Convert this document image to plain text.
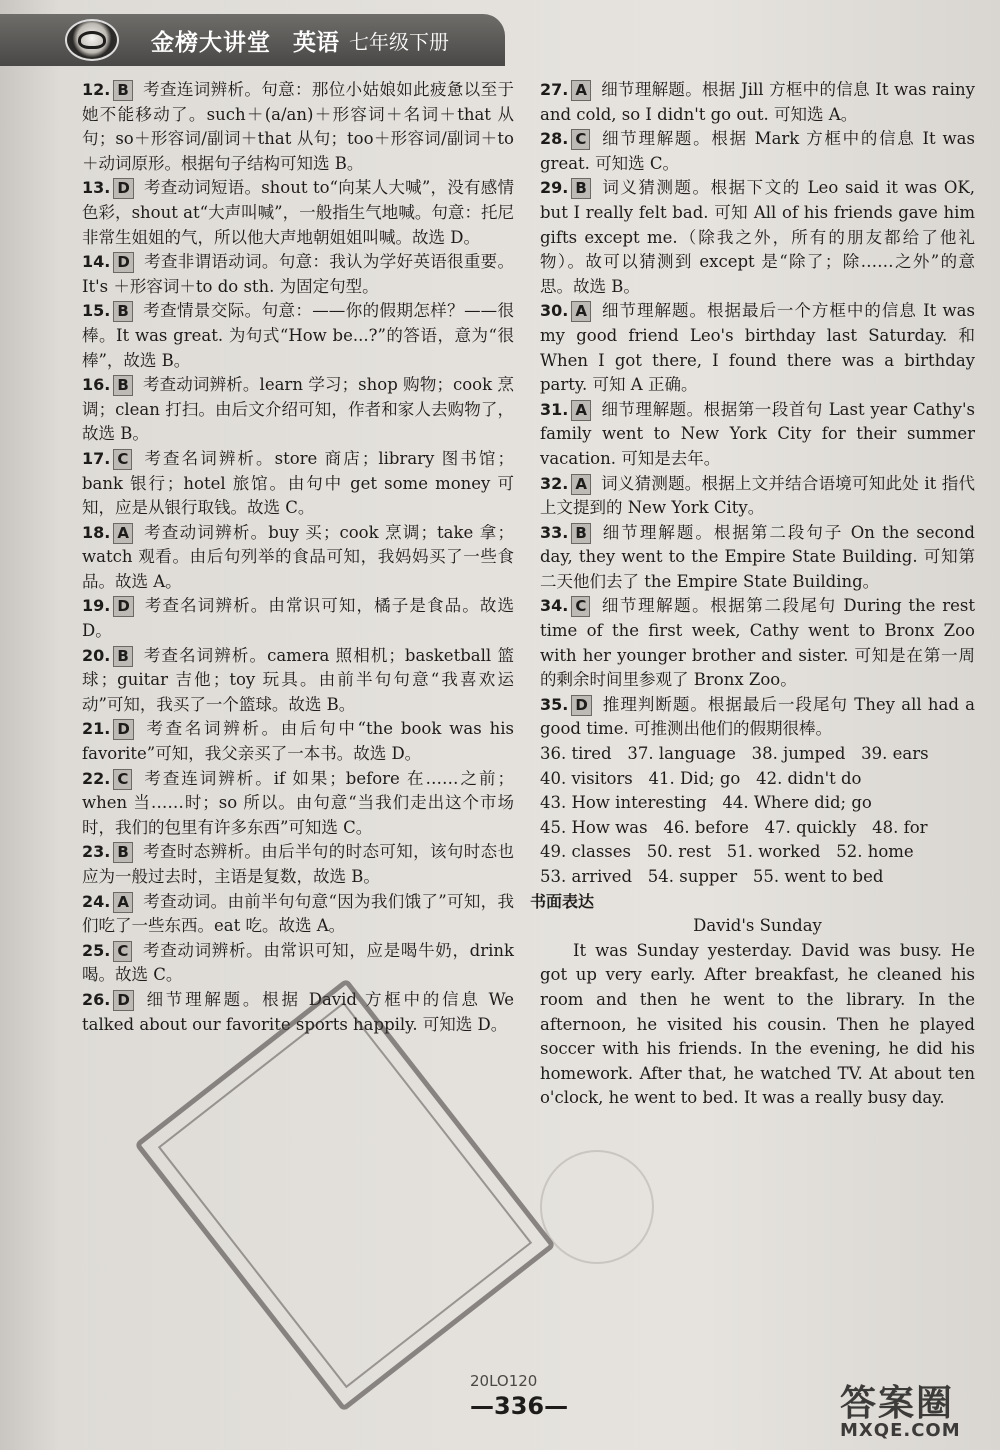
金榜大讲堂 英语 七年级下册
12. B 考查连词辨析。句意：那位小姑娘如此疲惫以至于她不能移动了。such＋(a/an)＋形容词＋名词＋that 从句；so＋形容词/副词＋that 从句；too＋形容词/副词＋to＋动词原形。根据句子结构可知选 B。
13. D 考查动词短语。shout to“向某人大喊”，没有感情色彩，shout at“大声叫喊”，一般指生气地喊。句意：托尼非常生姐姐的气，所以他大声地朝姐姐叫喊。故选 D。
14. D 考查非谓语动词。句意：我认为学好英语很重要。It's ＋形容词＋to do sth. 为固定句型。
15. B 考查情景交际。句意：——你的假期怎样？——很棒。It was great. 为句式“How be...?”的答语，意为“很棒”，故选 B。
16. B 考查动词辨析。learn 学习；shop 购物；cook 烹调；clean 打扫。由后文介绍可知，作者和家人去购物了，故选 B。
17. C 考查名词辨析。store 商店；library 图书馆；bank 银行；hotel 旅馆。由句中 get some money 可知，应是从银行取钱。故选 C。
18. A 考查动词辨析。buy 买；cook 烹调；take 拿；watch 观看。由后句列举的食品可知，我妈妈买了一些食品。故选 A。
19. D 考查名词辨析。由常识可知，橘子是食品。故选 D。
20. B 考查名词辨析。camera 照相机；basketball 篮球；guitar 吉他；toy 玩具。由前半句句意“我喜欢运动”可知，我买了一个篮球。故选 B。
21. D 考查名词辨析。由后句中“the book was his favorite”可知，我父亲买了一本书。故选 D。
22. C 考查连词辨析。if 如果；before 在……之前；when 当……时；so 所以。由句意“当我们走出这个市场时，我们的包里有许多东西”可知选 C。
23. B 考查时态辨析。由后半句的时态可知，该句时态也应为一般过去时，主语是复数，故选 B。
24. A 考查动词。由前半句句意“因为我们饿了”可知，我们吃了一些东西。eat 吃。故选 A。
25. C 考查动词辨析。由常识可知，应是喝牛奶，drink 喝。故选 C。
26. D 细节理解题。根据 David 方框中的信息 We talked about our favorite sports happily. 可知选 D。
27. A 细节理解题。根据 Jill 方框中的信息 It was rainy and cold, so I didn't go out. 可知选 A。
28. C 细节理解题。根据 Mark 方框中的信息 It was great. 可知选 C。
29. B 词义猜测题。根据下文的 Leo said it was OK, but I really felt bad. 可知 All of his friends gave him gifts except me.（除我之外，所有的朋友都给了他礼物）。故可以猜测到 except 是“除了；除……之外”的意思。故选 B。
30. A 细节理解题。根据最后一个方框中的信息 It was my good friend Leo's birthday last Saturday. 和 When I got there, I found there was a birthday party. 可知 A 正确。
31. A 细节理解题。根据第一段首句 Last year Cathy's family went to New York City for their summer vacation. 可知是去年。
32. A 词义猜测题。根据上文并结合语境可知此处 it 指代上文提到的 New York City。
33. B 细节理解题。根据第二段句子 On the second day, they went to the Empire State Building. 可知第二天他们去了 the Empire State Building。
34. C 细节理解题。根据第二段尾句 During the rest time of the first week, Cathy went to Bronx Zoo with her younger brother and sister. 可知是在第一周的剩余时间里参观了 Bronx Zoo。
35. D 推理判断题。根据最后一段尾句 They all had a good time. 可推测出他们的假期很棒。
36. tired   37. language   38. jumped   39. ears
40. visitors   41. Did; go   42. didn't do
43. How interesting   44. Where did; go
45. How was   46. before   47. quickly   48. for
49. classes   50. rest   51. worked   52. home
53. arrived   54. supper   55. went to bed
书面表达
David's Sunday
It was Sunday yesterday. David was busy. He got up very early. After breakfast, he cleaned his room and then he went to the library. In the afternoon, he visited his cousin. Then he played soccer with his friends. In the evening, he did his homework. After that, he watched TV. At about ten o'clock, he went to bed. It was a really busy day.
20LO120
—336—	答案圈
MXQE.COM
